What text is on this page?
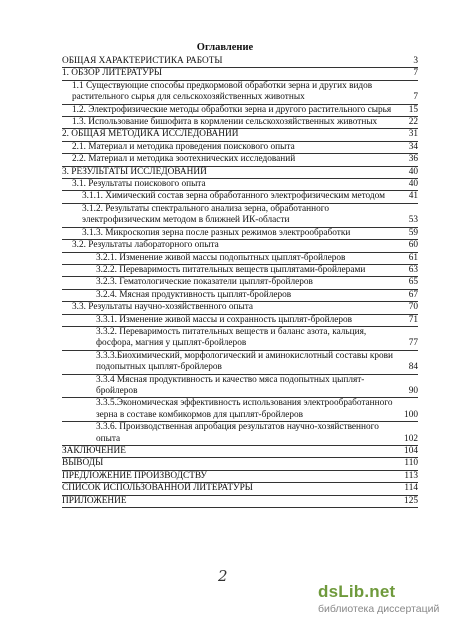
Оглавление
ОБЩАЯ ХАРАКТЕРИСТИКА РАБОТЫ	3
1. ОБЗОР ЛИТЕРАТУРЫ	7
1.1 Существующие способы предкормовой обработки зерна и других видов растительного сырья для сельскохозяйственных животных	7
1.2. Электрофизические методы обработки зерна и другого растительного сырья 15
1.3. Использование бишофита в кормлении сельскохозяйственных животных	22
2. ОБЩАЯ МЕТОДИКА ИССЛЕДОВАНИЙ	31
2.1. Материал и методика проведения поискового опыта	34
2.2. Материал и методика зоотехнических исследований	36
3. РЕЗУЛЬТАТЫ ИССЛЕДОВАНИЙ	40
3.1. Результаты поискового опыта	40
3.1.1. Химический состав зерна обработанного электрофизическим методом	41
3.1.2. Результаты спектрального анализа зерна, обработанного электрофизическим методом в ближней ИК-области	53
3.1.3. Микроскопия зерна после разных режимов электрообработки	59
3.2. Результаты лабораторного опыта	60
3.2.1. Изменение живой массы подопытных цыплят-бройлеров	61
3.2.2. Переваримость питательных веществ цыплятами-бройлерами	63
3.2.3. Гематологические показатели цыплят-бройлеров	65
3.2.4. Мясная продуктивность цыплят-бройлеров	67
3.3. Результаты научно-хозяйственного опыта	70
3.3.1. Изменение живой массы и сохранность цыплят-бройлеров	71
3.3.2. Переваримость питательных веществ и баланс азота, кальция, фосфора, магния у цыплят-бройлеров	77
3.3.3.Биохимический, морфологический и аминокислотный составы крови подопытных цыплят-бройлеров	84
3.3.4 Мясная продуктивность и качество мяса подопытных цыплят-бройлеров	90
3.3.5.Экономическая эффективность использования электрообработанного зерна в составе комбикормов для цыплят-бройлеров	100
3.3.6. Производственная апробация результатов научно-хозяйственного опыта	102
ЗАКЛЮЧЕНИЕ	104
ВЫВОДЫ	110
ПРЕДЛОЖЕНИЕ ПРОИЗВОДСТВУ	113
СПИСОК ИСПОЛЬЗОВАННОЙ ЛИТЕРАТУРЫ	114
ПРИЛОЖЕНИЕ	125
2
dsLib.net
библиотека диссертаций
